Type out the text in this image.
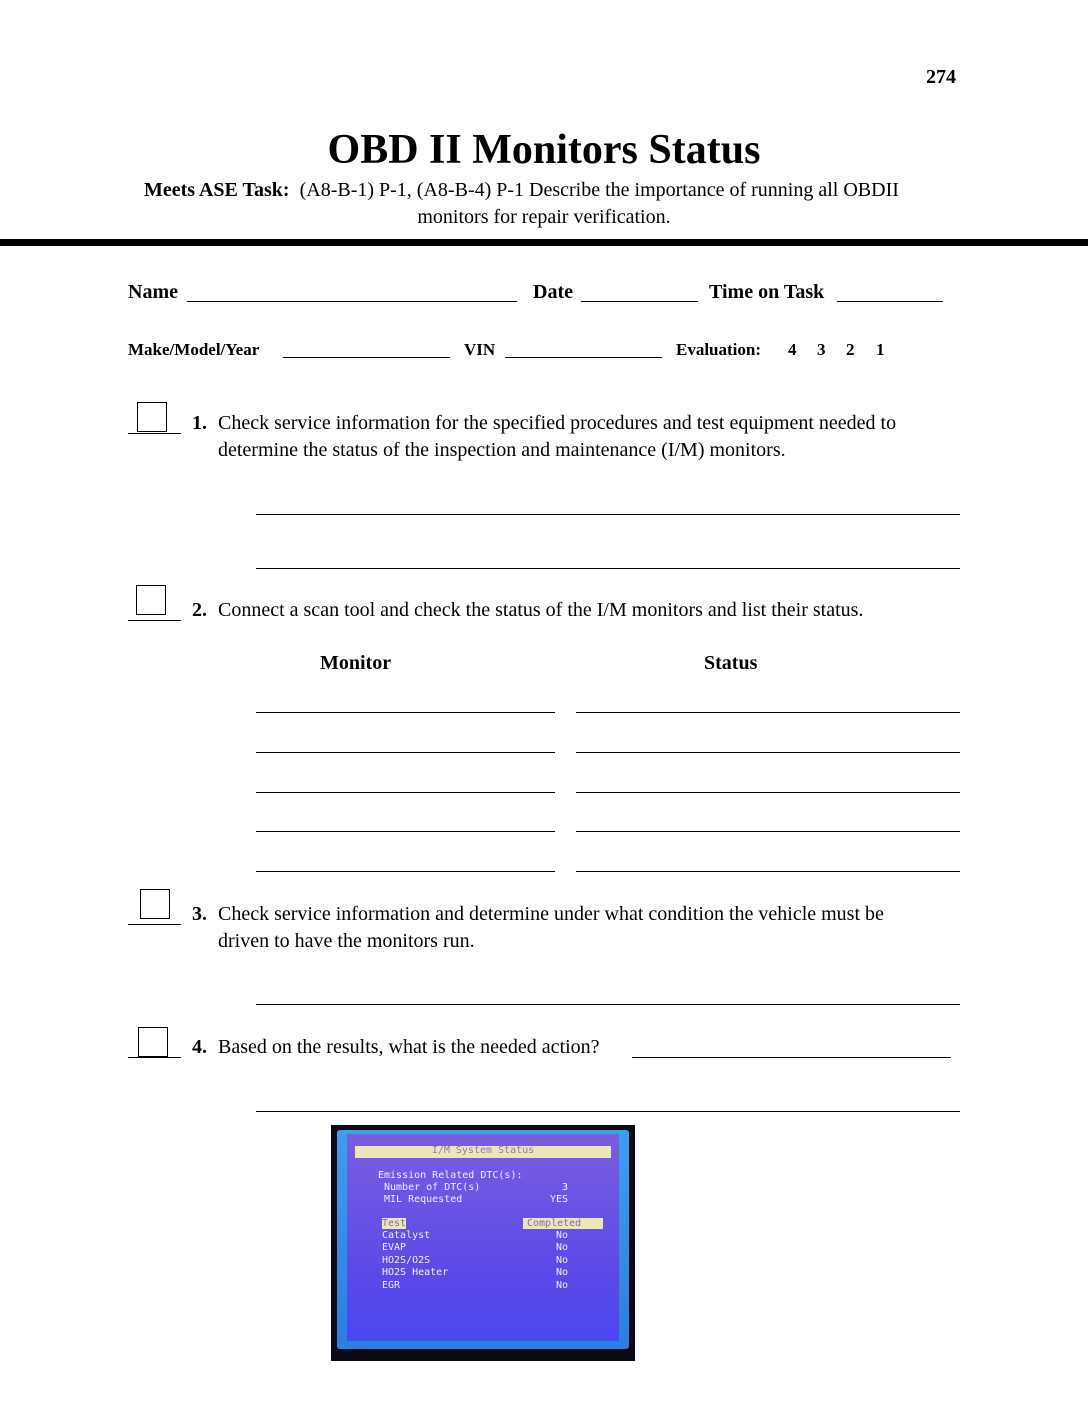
274
OBD II Monitors Status
Meets ASE Task: (A8-B-1) P-1, (A8-B-4) P-1 Describe the importance of running all OBDII
monitors for repair verification.
Name	Date	Time on Task
Make/Model/Year	VIN	Evaluation: 4 3 2 1
1. Check service information for the specified procedures and test equipment needed to
determine the status of the inspection and maintenance (I/M) monitors.
2. Connect a scan tool and check the status of the I/M monitors and list their status.
Monitor	Status
3. Check service information and determine under what condition the vehicle must be
driven to have the monitors run.
4. Based on the results, what is the needed action?
I/M System Status
Emission Related DTC(s):
Number of DTC(s)	3
MIL Requested	YES
Test	Completed
Catalyst	No
EVAP	No
HO2S/O2S	No
HO2S Heater	No
EGR	No
